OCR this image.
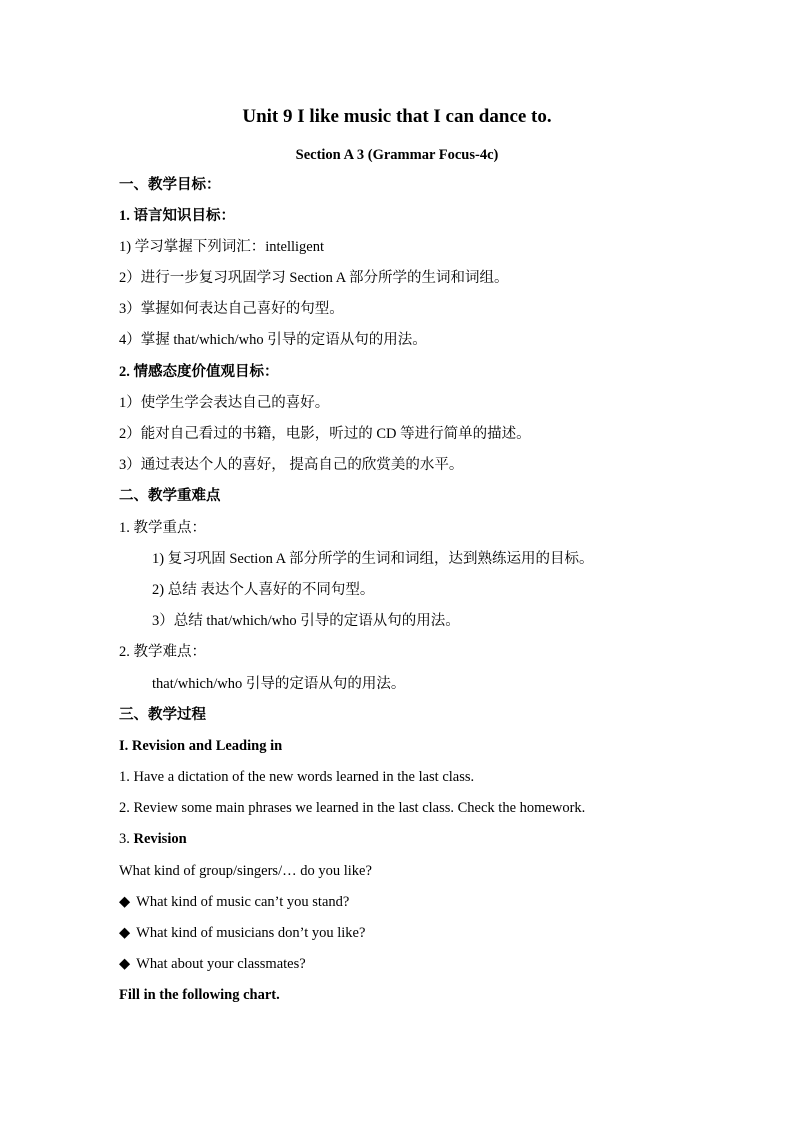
Unit 9 I like music that I can dance to.
Section A 3 (Grammar Focus-4c)
一、教学目标：
1. 语言知识目标：
1) 学习掌握下列词汇：intelligent
2）进行一步复习巩固学习 Section A 部分所学的生词和词组。
3）掌握如何表达自己喜好的句型。
4）掌握 that/which/who 引导的定语从句的用法。
2. 情感态度价值观目标：
1）使学生学会表达自己的喜好。
2）能对自己看过的书籍，电影，听过的 CD 等进行简单的描述。
3）通过表达个人的喜好， 提高自己的欣赏美的水平。
二、教学重难点
1. 教学重点：
1) 复习巩固 Section A 部分所学的生词和词组，达到熟练运用的目标。
2) 总结 表达个人喜好的不同句型。
3）总结 that/which/who 引导的定语从句的用法。
2. 教学难点：
that/which/who 引导的定语从句的用法。
三、教学过程
I. Revision and Leading in
1. Have a dictation of the new words learned in the last class.
2. Review some main phrases we learned in the last class. Check the homework.
3. Revision
What kind of group/singers/… do you like?
◆ What kind of music can’t you stand?
◆ What kind of musicians don’t you like?
◆ What about your classmates?
Fill in the following chart.
